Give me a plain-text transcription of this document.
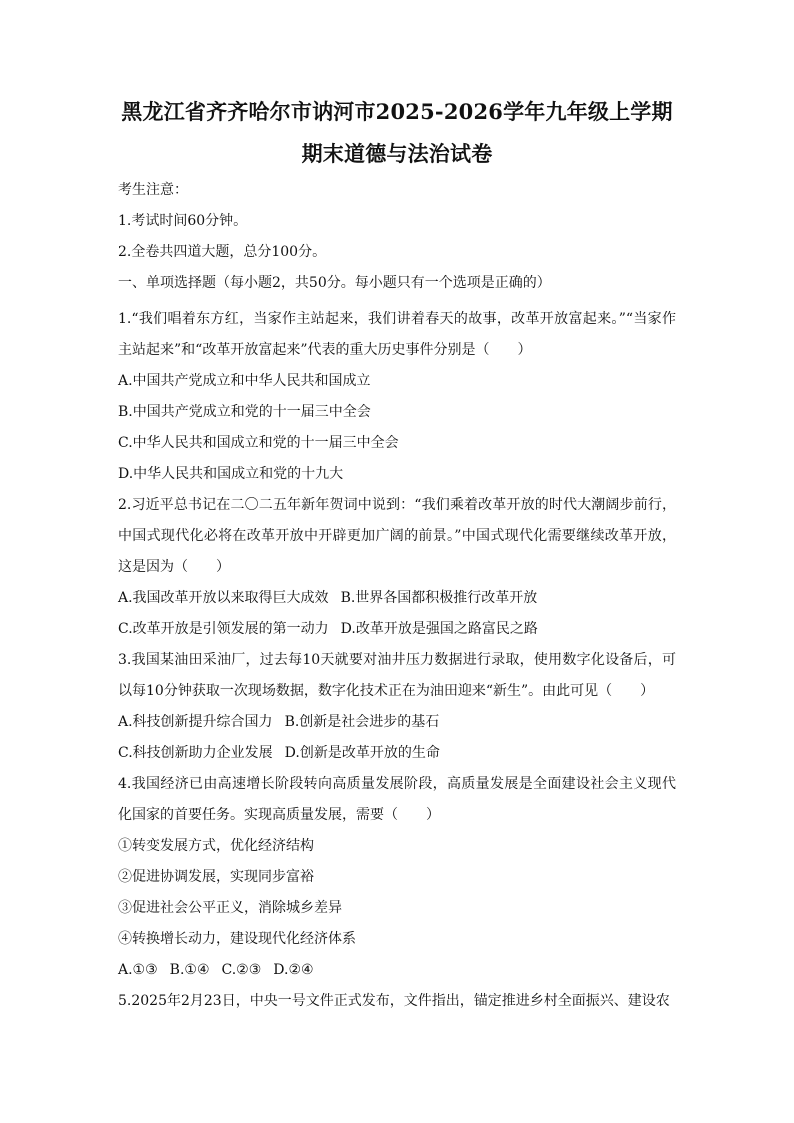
黑龙江省齐齐哈尔市讷河市2025-2026学年九年级上学期
期末道德与法治试卷

考生注意：

1.考试时间60分钟。

2.全卷共四道大题，总分100分。

一、单项选择题（每小题2，共50分。每小题只有一个选项是正确的）

1.“我们唱着东方红，当家作主站起来，我们讲着春天的故事，改革开放富起来。”“当家作主站起来”和“改革开放富起来”代表的重大历史事件分别是（　　）

A.中国共产党成立和中华人民共和国成立

B.中国共产党成立和党的十一届三中全会

C.中华人民共和国成立和党的十一届三中全会

D.中华人民共和国成立和党的十九大

2.习近平总书记在二〇二五年新年贺词中说到：“我们乘着改革开放的时代大潮阔步前行，中国式现代化必将在改革开放中开辟更加广阔的前景。”中国式现代化需要继续改革开放，这是因为（　　）

A.我国改革开放以来取得巨大成效 B.世界各国都积极推行改革开放

C.改革开放是引领发展的第一动力 D.改革开放是强国之路富民之路

3.我国某油田采油厂，过去每10天就要对油井压力数据进行录取，使用数字化设备后，可以每10分钟获取一次现场数据，数字化技术正在为油田迎来“新生”。由此可见（　　）

A.科技创新提升综合国力 B.创新是社会进步的基石

C.科技创新助力企业发展 D.创新是改革开放的生命

4.我国经济已由高速增长阶段转向高质量发展阶段，高质量发展是全面建设社会主义现代化国家的首要任务。实现高质量发展，需要（　　）

①转变发展方式，优化经济结构

②促进协调发展，实现同步富裕

③促进社会公平正义，消除城乡差异

④转换增长动力，建设现代化经济体系

A.①③ B.①④ C.②③ D.②④

5.2025年2月23日，中央一号文件正式发布，文件指出，锚定推进乡村全面振兴、建设农
